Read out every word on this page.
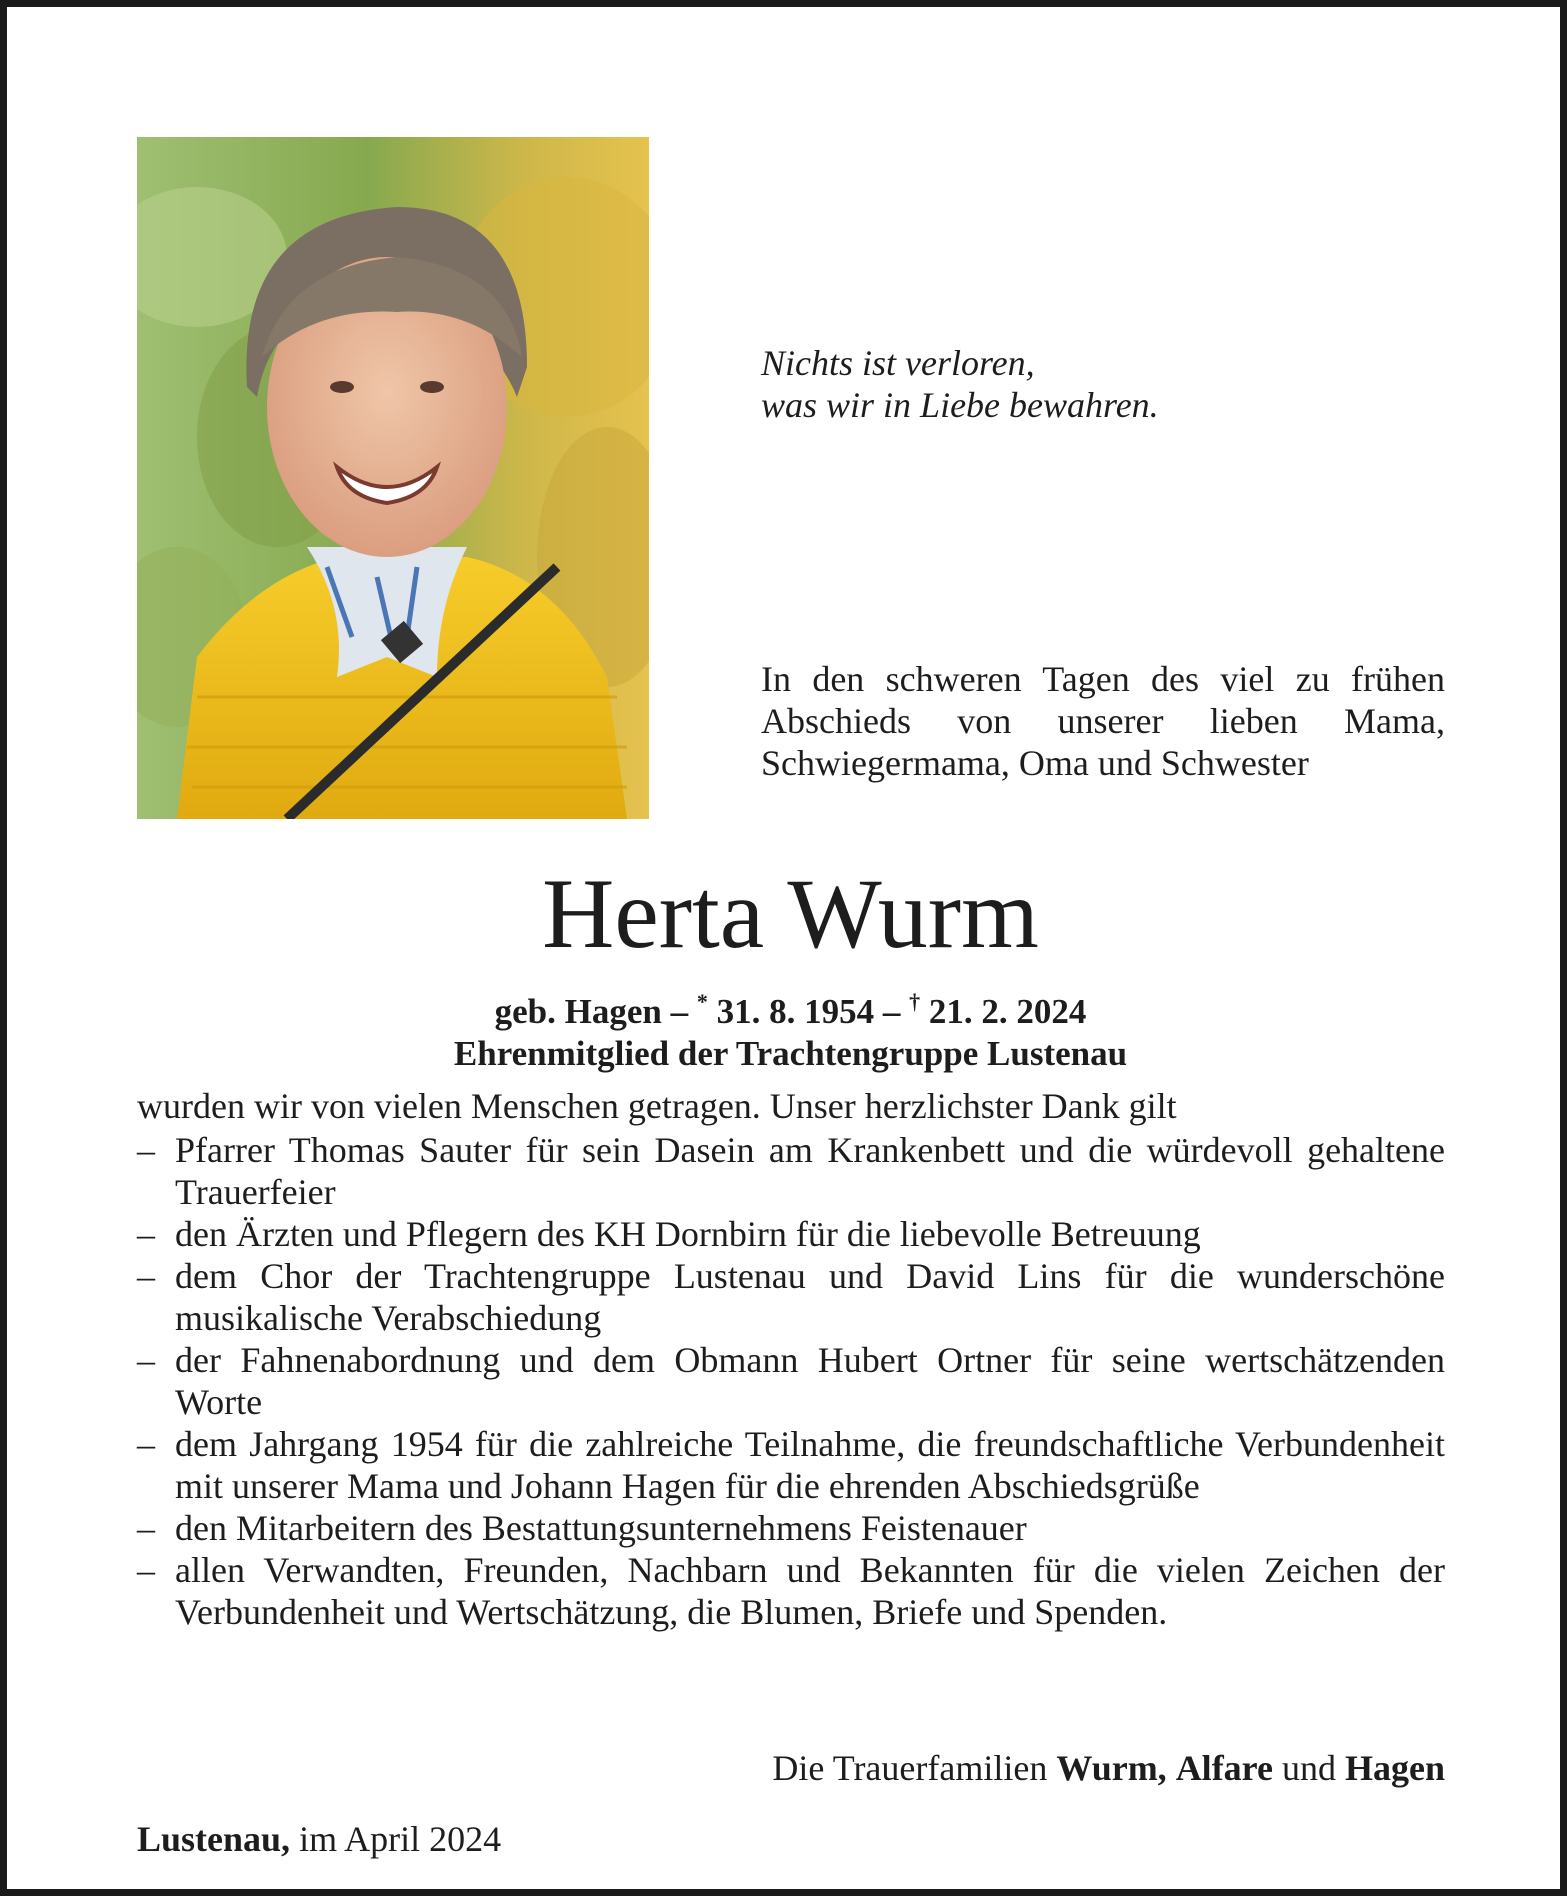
Nichts ist verloren,
was wir in Liebe bewahren.
In den schweren Tagen des viel zu frühen Abschieds von unserer lieben Mama, Schwiegermama, Oma und Schwester
Herta Wurm
geb. Hagen – * 31. 8. 1954 – † 21. 2. 2024
Ehrenmitglied der Trachtengruppe Lustenau
wurden wir von vielen Menschen getragen. Unser herzlichster Dank gilt
– Pfarrer Thomas Sauter für sein Dasein am Krankenbett und die würdevoll gehaltene Trauerfeier
– den Ärzten und Pflegern des KH Dornbirn für die liebevolle Betreuung
– dem Chor der Trachtengruppe Lustenau und David Lins für die wunderschöne musikalische Verabschiedung
– der Fahnenabordnung und dem Obmann Hubert Ortner für seine wertschätzenden Worte
– dem Jahrgang 1954 für die zahlreiche Teilnahme, die freundschaftliche Verbundenheit mit unserer Mama und Johann Hagen für die ehrenden Abschiedsgrüße
– den Mitarbeitern des Bestattungsunternehmens Feistenauer
– allen Verwandten, Freunden, Nachbarn und Bekannten für die vielen Zeichen der Verbundenheit und Wertschätzung, die Blumen, Briefe und Spenden.
Die Trauerfamilien Wurm, Alfare und Hagen
Lustenau, im April 2024
